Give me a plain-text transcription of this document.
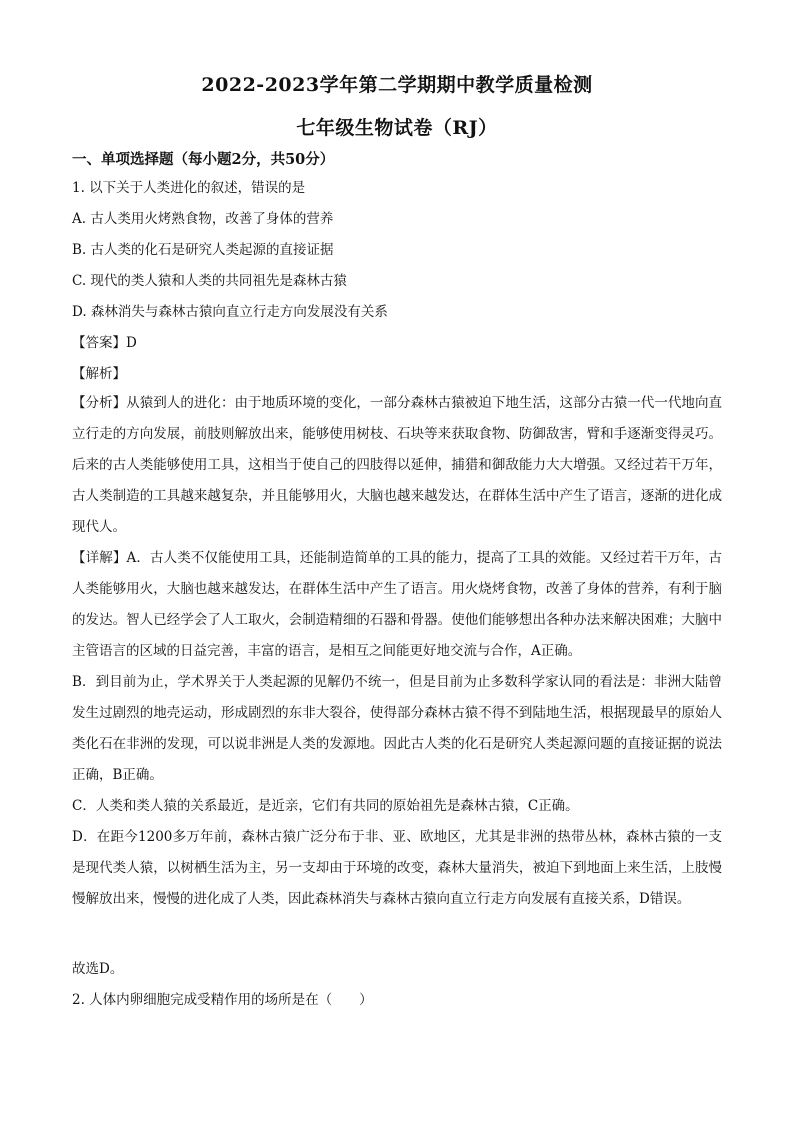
2022-2023学年第二学期期中教学质量检测
七年级生物试卷（RJ）
一、单项选择题（每小题2分，共50分）
1. 以下关于人类进化的叙述，错误的是
A. 古人类用火烤熟食物，改善了身体的营养
B. 古人类的化石是研究人类起源的直接证据
C. 现代的类人猿和人类的共同祖先是森林古猿
D. 森林消失与森林古猿向直立行走方向发展没有关系
【答案】D
【解析】
【分析】从猿到人的进化：由于地质环境的变化，一部分森林古猿被迫下地生活，这部分古猿一代一代地向直立行走的方向发展，前肢则解放出来，能够使用树枝、石块等来获取食物、防御敌害，臂和手逐渐变得灵巧。后来的古人类能够使用工具，这相当于使自己的四肢得以延伸，捕猎和御敌能力大大增强。又经过若干万年，古人类制造的工具越来越复杂，并且能够用火，大脑也越来越发达，在群体生活中产生了语言，逐渐的进化成现代人。
【详解】A．古人类不仅能使用工具，还能制造简单的工具的能力，提高了工具的效能。又经过若干万年，古人类能够用火，大脑也越来越发达，在群体生活中产生了语言。用火烧烤食物，改善了身体的营养，有利于脑的发达。智人已经学会了人工取火，会制造精细的石器和骨器。使他们能够想出各种办法来解决困难；大脑中主管语言的区域的日益完善，丰富的语言，是相互之间能更好地交流与合作，A正确。
B．到目前为止，学术界关于人类起源的见解仍不统一，但是目前为止多数科学家认同的看法是：非洲大陆曾发生过剧烈的地壳运动，形成剧烈的东非大裂谷，使得部分森林古猿不得不到陆地生活，根据现最早的原始人类化石在非洲的发现，可以说非洲是人类的发源地。因此古人类的化石是研究人类起源问题的直接证据的说法正确，B正确。
C．人类和类人猿的关系最近，是近亲，它们有共同的原始祖先是森林古猿，C正确。
D．在距今1200多万年前，森林古猿广泛分布于非、亚、欧地区，尤其是非洲的热带丛林，森林古猿的一支是现代类人猿，以树栖生活为主，另一支却由于环境的改变，森林大量消失，被迫下到地面上来生活，上肢慢慢解放出来，慢慢的进化成了人类，因此森林消失与森林古猿向直立行走方向发展有直接关系，D错误。
故选D。
2. 人体内卵细胞完成受精作用的场所是在（　　）
